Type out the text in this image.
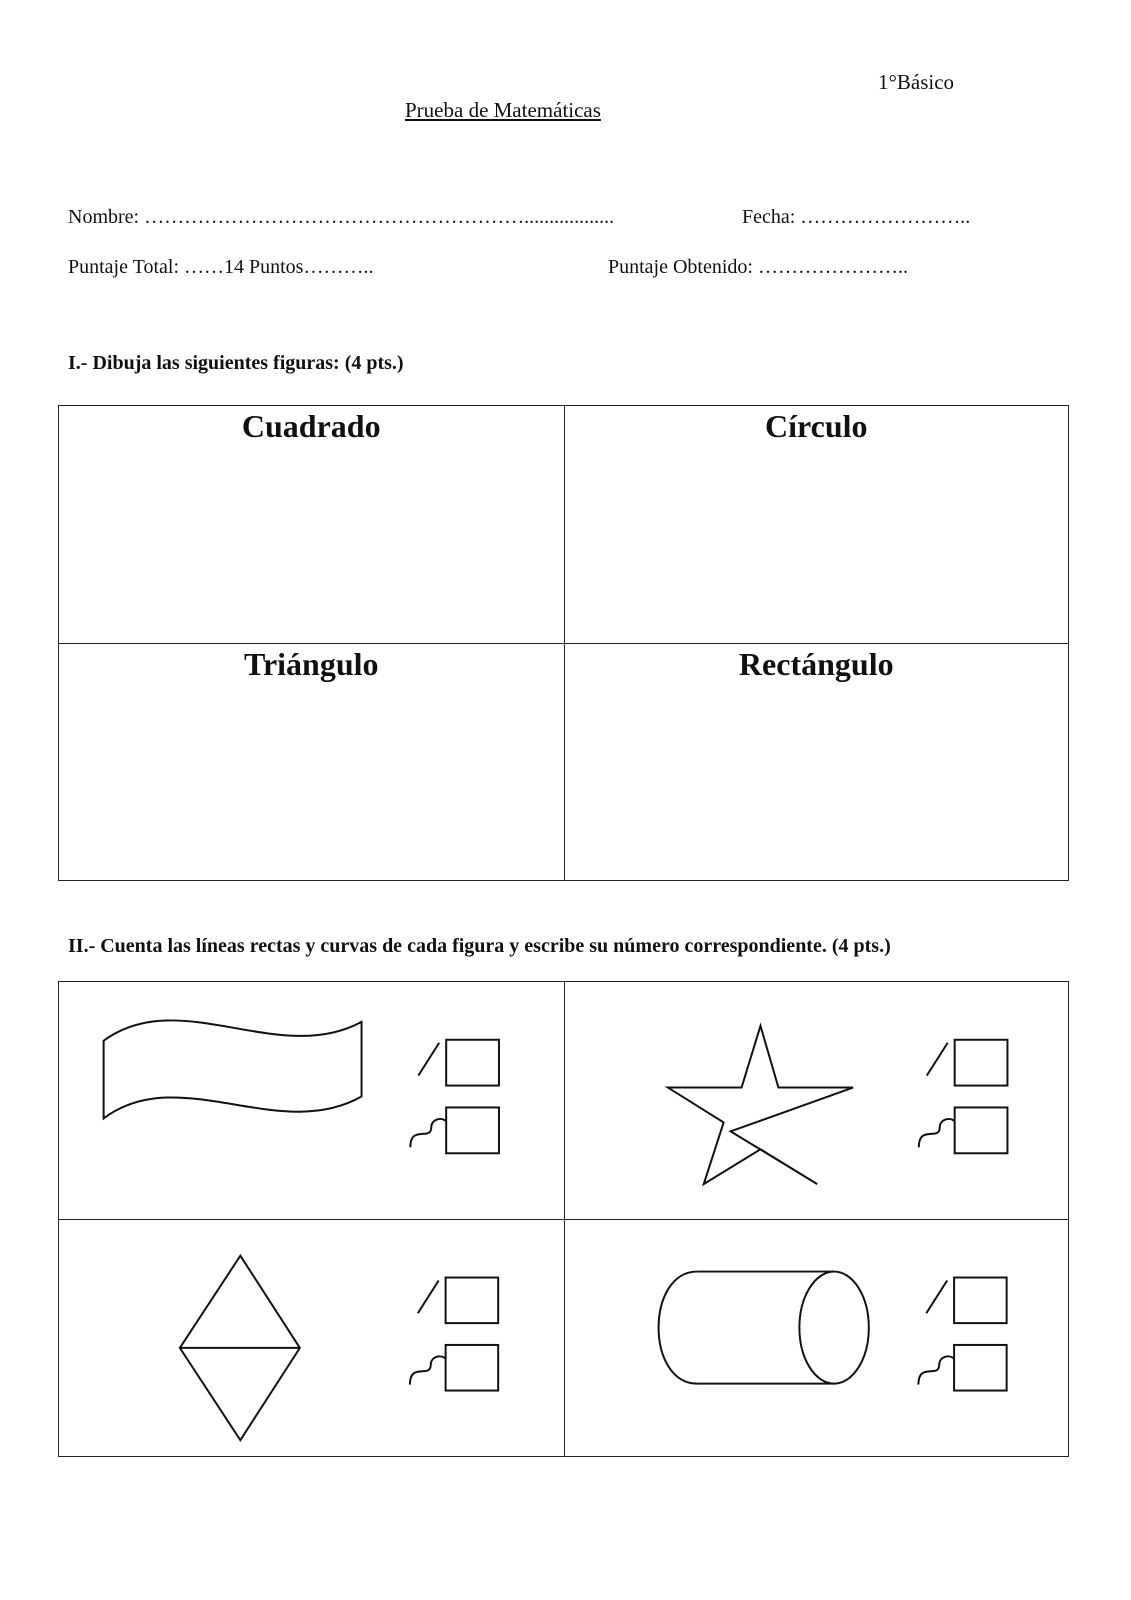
1°Básico
Prueba de Matemáticas
Nombre: …………………………………………………..................	Fecha: ……………………..
Puntaje Total: ……14 Puntos………..	Puntaje Obtenido: …………………..
I.- Dibuja las siguientes figuras: (4 pts.)
Cuadrado	Círculo
Triángulo	Rectángulo
II.- Cuenta las líneas rectas y curvas de cada figura y escribe su número correspondiente. (4 pts.)
